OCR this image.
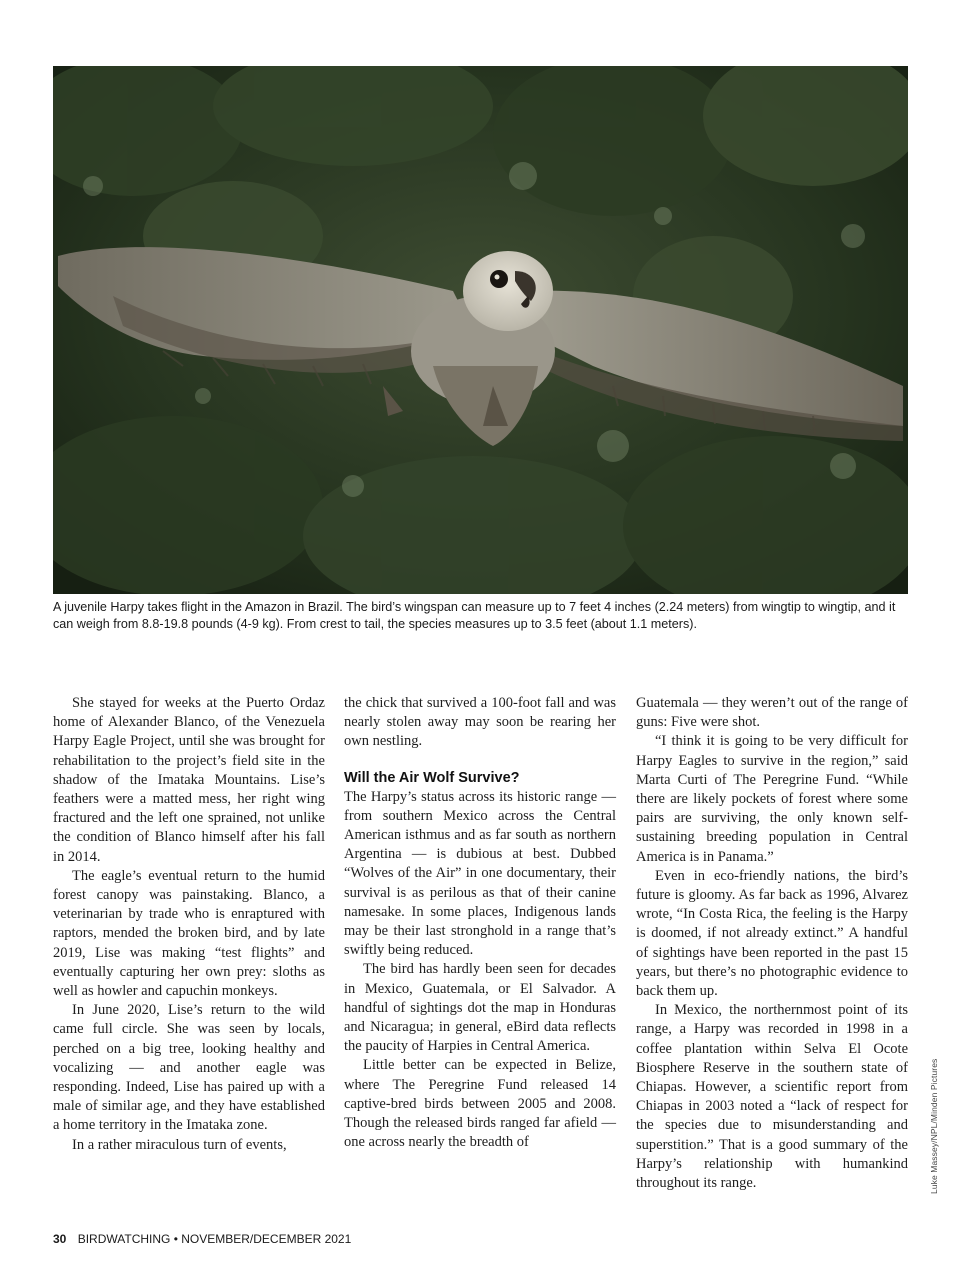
A juvenile Harpy takes flight in the Amazon in Brazil. The bird’s wingspan can measure up to 7 feet 4 inches (2.24 meters) from wingtip to wingtip, and it can weigh from 8.8-19.8 pounds (4-9 kg). From crest to tail, the species measures up to 3.5 feet (about 1.1 meters).

She stayed for weeks at the Puerto Ordaz home of Alexander Blanco, of the Venezuela Harpy Eagle Project, until she was brought for rehabilitation to the project’s field site in the shadow of the Imataka Mountains. Lise’s feathers were a matted mess, her right wing fractured and the left one sprained, not unlike the condition of Blanco himself after his fall in 2014.

The eagle’s eventual return to the humid forest canopy was painstaking. Blanco, a veterinarian by trade who is enraptured with raptors, mended the broken bird, and by late 2019, Lise was making “test flights” and eventually capturing her own prey: sloths as well as howler and capuchin monkeys.

In June 2020, Lise’s return to the wild came full circle. She was seen by locals, perched on a big tree, looking healthy and vocalizing — and another eagle was responding. Indeed, Lise has paired up with a male of similar age, and they have established a home territory in the Imataka zone.

In a rather miraculous turn of events,

the chick that survived a 100-foot fall and was nearly stolen away may soon be rearing her own nestling.

Will the Air Wolf Survive?

The Harpy’s status across its historic range — from southern Mexico across the Central American isthmus and as far south as northern Argentina — is dubious at best. Dubbed “Wolves of the Air” in one documentary, their survival is as perilous as that of their canine namesake. In some places, Indigenous lands may be their last stronghold in a range that’s swiftly being reduced.

The bird has hardly been seen for decades in Mexico, Guatemala, or El Salvador. A handful of sightings dot the map in Honduras and Nicaragua; in general, eBird data reflects the paucity of Harpies in Central America.

Little better can be expected in Belize, where The Peregrine Fund released 14 captive-bred birds between 2005 and 2008. Though the released birds ranged far afield — one across nearly the breadth of

Guatemala — they weren’t out of the range of guns: Five were shot.

“I think it is going to be very difficult for Harpy Eagles to survive in the region,” said Marta Curti of The Peregrine Fund. “While there are likely pockets of forest where some pairs are surviving, the only known self-sustaining breeding population in Central America is in Panama.”

Even in eco-friendly nations, the bird’s future is gloomy. As far back as 1996, Alvarez wrote, “In Costa Rica, the feeling is the Harpy is doomed, if not already extinct.” A handful of sightings have been reported in the past 15 years, but there’s no photographic evidence to back them up.

In Mexico, the northernmost point of its range, a Harpy was recorded in 1998 in a coffee plantation within Selva El Ocote Biosphere Reserve in the southern state of Chiapas. However, a scientific report from Chiapas in 2003 noted a “lack of respect for the species due to misunderstanding and superstition.” That is a good summary of the Harpy’s relationship with humankind throughout its range.	Luke Massey/NPL/Minden Pictures
30 BIRDWATCHING • NOVEMBER/DECEMBER 2021
